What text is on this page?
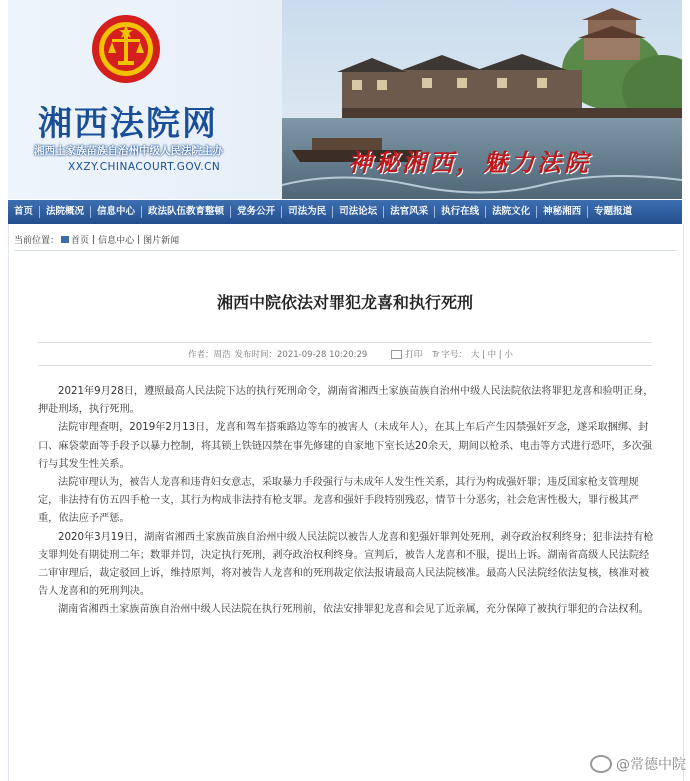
湘西法院网
湘西土家族苗族自治州中级人民法院主办
XXZY.CHINACOURT.GOV.CN	神秘湘西，魅力法院
首页	法院概况	信息中心	政法队伍教育整顿	党务公开	司法为民	司法论坛	法官风采	执行在线	法院文化	神秘湘西	专题报道
当前位置： 首页 | 信息中心 | 图片新闻
湘西中院依法对罪犯龙喜和执行死刑
作者：周浩 发布时间：2021-09-28 10:20:29	打印 Tr 字号： 大 | 中 | 小

2021年9月28日，遵照最高人民法院下达的执行死刑命令，湖南省湘西土家族苗族自治州中级人民法院依法将罪犯龙喜和验明正身，押赴刑场，执行死刑。

法院审理查明，2019年2月13日，龙喜和驾车搭乘路边等车的被害人（未成年人），在其上车后产生囚禁强奸歹念，遂采取捆绑、封口、麻袋蒙面等手段予以暴力控制，将其锁上铁链囚禁在事先修建的自家地下室长达20余天，期间以枪杀、电击等方式进行恐吓，多次强行与其发生性关系。

法院审理认为，被告人龙喜和违背妇女意志，采取暴力手段强行与未成年人发生性关系，其行为构成强奸罪；违反国家枪支管理规定，非法持有仿五四手枪一支，其行为构成非法持有枪支罪。龙喜和强奸手段特别残忍，情节十分恶劣，社会危害性极大，罪行极其严重，依法应予严惩。

2020年3月19日，湖南省湘西土家族苗族自治州中级人民法院以被告人龙喜和犯强奸罪判处死刑，剥夺政治权利终身；犯非法持有枪支罪判处有期徒刑二年；数罪并罚，决定执行死刑，剥夺政治权利终身。宣判后，被告人龙喜和不服，提出上诉。湖南省高级人民法院经二审审理后，裁定驳回上诉，维持原判，将对被告人龙喜和的死刑裁定依法报请最高人民法院核准。最高人民法院经依法复核，核准对被告人龙喜和的死刑判决。

湖南省湘西土家族苗族自治州中级人民法院在执行死刑前，依法安排罪犯龙喜和会见了近亲属，充分保障了被执行罪犯的合法权利。

@常德中院
